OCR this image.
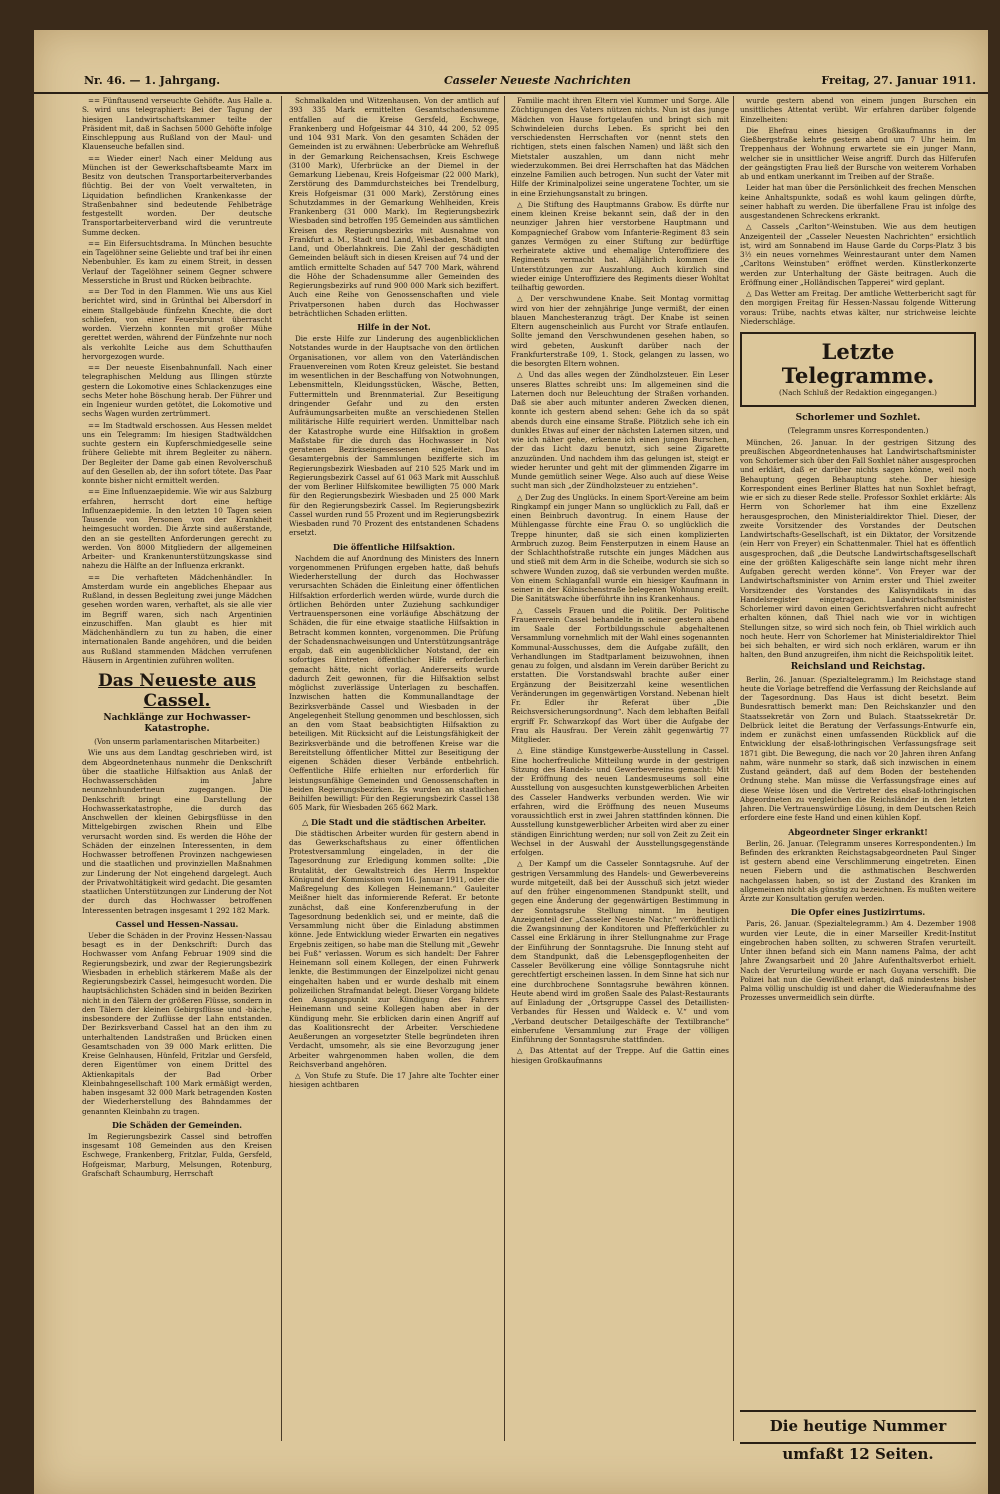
Nr. 46. — 1. Jahrgang.	Casseler Neueste Nachrichten	Freitag, 27. Januar 1911.

== Fünftausend verseuchte Gehöfte. Aus Halle a. S. wird uns telegraphiert: Bei der Tagung der hiesigen Landwirtschaftskammer teilte der Präsident mit, daß in Sachsen 5000 Gehöfte infolge Einschleppung aus Rußland von der Maul- und Klauenseuche befallen sind.

== Wieder einer! Nach einer Meldung aus München ist der Gewerkschaftsbeamte Marx im Besitz von deutschen Transportarbeiterverbandes flüchtig. Bei der von Voelt verwalteten, in Liquidation befindlichen Krankenkasse der Straßenbahner sind bedeutende Fehlbeträge festgestellt worden. Der deutsche Transportarbeiterverband wird die veruntreute Summe decken.

== Ein Eifersuchtsdrama. In München besuchte ein Tagelöhner seine Geliebte und traf bei ihr einen Nebenbuhler. Es kam zu einem Streit, in dessen Verlauf der Tagelöhner seinem Gegner schwere Messerstiche in Brust und Rücken beibrachte.

== Der Tod in den Flammen. Wie uns aus Kiel berichtet wird, sind in Grünthal bei Albersdorf in einem Stallgebäude fünfzehn Knechte, die dort schliefen, von einer Feuersbrunst überrascht worden. Vierzehn konnten mit großer Mühe gerettet werden, während der Fünfzehnte nur noch als verkohlte Leiche aus dem Schutthaufen hervorgezogen wurde.

== Der neueste Eisenbahnunfall. Nach einer telegraphischen Meldung aus Illingen stürzte gestern die Lokomotive eines Schlackenzuges eine sechs Meter hohe Böschung herab. Der Führer und ein Ingenieur wurden getötet, die Lokomotive und sechs Wagen wurden zertrümmert.

== Im Stadtwald erschossen. Aus Hessen meldet uns ein Telegramm: Im hiesigen Stadtwäldchen suchte gestern ein Kupferschmiedgeselle seine frühere Geliebte mit ihrem Begleiter zu nähern. Der Begleiter der Dame gab einen Revolverschuß auf den Gesellen ab, der ihn sofort tötete. Das Paar konnte bisher nicht ermittelt werden.

== Eine Influenzaepidemie. Wie wir aus Salzburg erfahren, herrscht dort eine heftige Influenzaepidemie. In den letzten 10 Tagen seien Tausende von Personen von der Krankheit heimgesucht worden. Die Ärzte sind außerstande, den an sie gestellten Anforderungen gerecht zu werden. Von 8000 Mitgliedern der allgemeinen Arbeiter- und Krankenunterstützungskasse sind nahezu die Hälfte an der Influenza erkrankt.

== Die verhafteten Mädchenhändler. In Amsterdam wurde ein angebliches Ehepaar aus Rußland, in dessen Begleitung zwei junge Mädchen gesehen worden waren, verhaftet, als sie alle vier im Begriff waren, sich nach Argentinien einzuschiffen. Man glaubt es hier mit Mädchenhändlern zu tun zu haben, die einer internationalen Bande angehören, und die beiden aus Rußland stammenden Mädchen verrufenen Häusern in Argentinien zuführen wollten.

Das Neueste aus Cassel.
Nachklänge zur Hochwasser-Katastrophe.
(Von unserm parlamentarischen Mitarbeiter.)

Wie uns aus dem Landtag geschrieben wird, ist dem Abgeordnetenhaus nunmehr die Denkschrift über die staatliche Hilfsaktion aus Anlaß der Hochwasserschäden im Jahre neunzehnhundertneun zugegangen. Die Denkschrift bringt eine Darstellung der Hochwasserkatastrophe, die durch das Anschwellen der kleinen Gebirgsflüsse in den Mittelgebirgen zwischen Rhein und Elbe verursacht worden sind. Es werden die Höhe der Schäden der einzelnen Interessenten, in dem Hochwasser betroffenen Provinzen nachgewiesen und die staatlichen und provinziellen Maßnahmen zur Linderung der Not eingehend dargelegt. Auch der Privatwohltätigkeit wird gedacht. Die gesamten staatlichen Unterstützungen zur Linderung der Not der durch das Hochwasser betroffenen Interessenten betragen insgesamt 1 292 182 Mark.

Cassel und Hessen-Nassau.

Ueber die Schäden in der Provinz Hessen-Nassau besagt es in der Denkschrift: Durch das Hochwasser vom Anfang Februar 1909 sind die Regierungsbezirk, und zwar der Regierungsbezirk Wiesbaden in erheblich stärkerem Maße als der Regierungsbezirk Cassel, heimgesucht worden. Die hauptsächlichsten Schäden sind in beiden Bezirken nicht in den Tälern der größeren Flüsse, sondern in den Tälern der kleinen Gebirgsflüsse und -bäche, insbesondere der Zuflüsse der Lahn entstanden. Der Bezirksverband Cassel hat an den ihm zu unterhaltenden Landstraßen und Brücken einen Gesamtschaden von 39 000 Mark erlitten. Die Kreise Gelnhausen, Hünfeld, Fritzlar und Gersfeld, deren Eigentümer von einem Drittel des Aktienkapitals der Bad Orber Kleinbahngesellschaft 100 Mark ermäßigt werden, haben insgesamt 32 000 Mark betragenden Kosten der Wiederherstellung des Bahndammes der genannten Kleinbahn zu tragen.

Die Schäden der Gemeinden.

Im Regierungsbezirk Cassel sind betroffen insgesamt 108 Gemeinden aus den Kreisen Eschwege, Frankenberg, Fritzlar, Fulda, Gersfeld, Hofgeismar, Marburg, Melsungen, Rotenburg, Grafschaft Schaumburg, Herrschaft

Schmalkalden und Witzenhausen. Von der amtlich auf 393 335 Mark ermittelten Gesamtschadensumme entfallen auf die Kreise Gersfeld, Eschwege, Frankenberg und Hofgeismar 44 310, 44 200, 52 095 und 104 931 Mark. Von den gesamten Schäden der Gemeinden ist zu erwähnen: Ueberbrücke am Wehrefluß in der Gemarkung Reichensachsen, Kreis Eschwege (3100 Mark), Uferbrücke an der Diemel in der Gemarkung Liebenau, Kreis Hofgeismar (22 000 Mark), Zerstörung des Dammdurchsteiches bei Trendelburg, Kreis Hofgeismar (31 000 Mark), Zerstörung eines Schutzdammes in der Gemarkung Wehlheiden, Kreis Frankenberg (31 000 Mark). Im Regierungsbezirk Wiesbaden sind betroffen 195 Gemeinden aus sämtlichen Kreisen des Regierungsbezirks mit Ausnahme von Frankfurt a. M., Stadt und Land, Wiesbaden, Stadt und Land, und Oberlahnkreis. Die Zahl der geschädigten Gemeinden beläuft sich in diesen Kreisen auf 74 und der amtlich ermittelte Schaden auf 547 700 Mark, während die Höhe der Schadensumme aller Gemeinden des Regierungsbezirks auf rund 900 000 Mark sich beziffert. Auch eine Reihe von Genossenschaften und viele Privatpersonen haben durch das Hochwasser beträchtlichen Schaden erlitten.

Hilfe in der Not.

Die erste Hilfe zur Linderung des augenblicklichen Notstandes wurde in der Hauptsache von den örtlichen Organisationen, vor allem von den Vaterländischen Frauenvereinen vom Roten Kreuz geleistet. Sie bestand im wesentlichen in der Beschaffung von Notwohnungen, Lebensmitteln, Kleidungsstücken, Wäsche, Betten, Futtermitteln und Brennmaterial. Zur Beseitigung dringender Gefahr und zu den ersten Aufräumungsarbeiten mußte an verschiedenen Stellen militärische Hilfe requiriert werden. Unmittelbar nach der Katastrophe wurde eine Hilfsaktion in großem Maßstabe für die durch das Hochwasser in Not geratenen Bezirkseingesessenen eingeleitet. Das Gesamtergebnis der Sammlungen bezifferte sich im Regierungsbezirk Wiesbaden auf 210 525 Mark und im Regierungsbezirk Cassel auf 61 063 Mark mit Ausschluß der vom Berliner Hilfskomitee bewilligten 75 000 Mark für den Regierungsbezirk Wiesbaden und 25 000 Mark für den Regierungsbezirk Cassel. Im Regierungsbezirk Cassel wurden rund 55 Prozent und im Regierungsbezirk Wiesbaden rund 70 Prozent des entstandenen Schadens ersetzt.

Die öffentliche Hilfsaktion.

Nachdem die auf Anordnung des Ministers des Innern vorgenommenen Prüfungen ergeben hatte, daß behufs Wiederherstellung der durch das Hochwasser verursachten Schäden die Einleitung einer öffentlichen Hilfsaktion erforderlich werden würde, wurde durch die örtlichen Behörden unter Zuziehung sachkundiger Vertrauenspersonen eine vorläufige Abschätzung der Schäden, die für eine etwaige staatliche Hilfsaktion in Betracht kommen konnten, vorgenommen. Die Prüfung der Schadensnachweisungen und Unterstützungsanträge ergab, daß ein augenblicklicher Notstand, der ein sofortiges Eintreten öffentlicher Hilfe erforderlich gemacht hätte, nicht vorlag. Andererseits wurde dadurch Zeit gewonnen, für die Hilfsaktion selbst möglichst zuverlässige Unterlagen zu beschaffen. Inzwischen hatten die Kommunallandtage der Bezirksverbände Cassel und Wiesbaden in der Angelegenheit Stellung genommen und beschlossen, sich an den vom Staat beabsichtigten Hilfsaktion zu beteiligen. Mit Rücksicht auf die Leistungsfähigkeit der Bezirksverbände und die betroffenen Kreise war die Bereitstellung öffentlicher Mittel zur Beseitigung der eigenen Schäden dieser Verbände entbehrlich. Oeffentliche Hilfe erhielten nur erforderlich für leistungsunfähige Gemeinden und Genossenschaften in beiden Regierungsbezirken. Es wurden an staatlichen Beihilfen bewilligt: Für den Regierungsbezirk Cassel 138 605 Mark, für Wiesbaden 265 662 Mark.

△ Die Stadt und die städtischen Arbeiter.

Die städtischen Arbeiter wurden für gestern abend in das Gewerkschaftshaus zu einer öffentlichen Protestversammlung eingeladen, in der die Tagesordnung zur Erledigung kommen sollte: „Die Brutalität, der Gewaltstreich des Herrn Inspektor Königund der Kommission vom 16. Januar 1911, oder die Maßregelung des Kollegen Heinemann.“ Gauleiter Meißner hielt das informierende Referat. Er betonte zunächst, daß eine Konferenzberufung in der Tagesordnung bedenklich sei, und er meinte, daß die Versammlung nicht über die Einladung abstimmen könne. Jede Entwicklung wieder Erwarten ein negatives Ergebnis zeitigen, so habe man die Stellung mit „Gewehr bei Fuß“ verlassen. Worum es sich handelt: Der Fahrer Heinemann soll einem Kollegen, der einen Fuhrwerk lenkte, die Bestimmungen der Einzelpolizei nicht genau eingehalten haben und er wurde deshalb mit einem polizeilichen Strafmandat belegt. Dieser Vorgang bildete den Ausgangspunkt zur Kündigung des Fahrers Heinemann und seine Kollegen haben aber in der Kündigung mehr. Sie erblicken darin einen Angriff auf das Koalitionsrecht der Arbeiter. Verschiedene Aeußerungen an vorgesetzter Stelle begründeten ihren Verdacht, umsomehr, als sie eine Bevorzugung jener Arbeiter wahrgenommen haben wollen, die dem Reichsverband angehören.

△ Von Stufe zu Stufe. Die 17 Jahre alte Tochter einer hiesigen achtbaren

Familie macht ihren Eltern viel Kummer und Sorge. Alle Züchtigungen des Vaters nützen nichts. Nun ist das junge Mädchen von Hause fortgelaufen und bringt sich mit Schwindeleien durchs Leben. Es spricht bei den verschiedensten Herrschaften vor (nennt stets den richtigen, stets einen falschen Namen) und läßt sich den Mietstaler auszahlen, um dann nicht mehr wiederzukommen. Bei drei Herrschaften hat das Mädchen einzelne Familien auch betrogen. Nun sucht der Vater mit Hilfe der Kriminalpolizei seine ungeratene Tochter, um sie in eine Erziehungsanstalt zu bringen.

△ Die Stiftung des Hauptmanns Grabow. Es dürfte nur einem kleinen Kreise bekannt sein, daß der in den neunziger Jahren hier verstorbene Hauptmann und Kompagniechef Grabow vom Infanterie-Regiment 83 sein ganzes Vermögen zu einer Stiftung zur bedürftige verheiratete aktive und ehemalige Unteroffiziere des Regiments vermacht hat. Alljährlich kommen die Unterstützungen zur Auszahlung. Auch kürzlich sind wieder einige Unteroffiziere des Regiments dieser Wohltat teilhaftig geworden.

△ Der verschwundene Knabe. Seit Montag vormittag wird von hier der zehnjährige Junge vermißt, der einen blauen Manchesteranzug trägt. Der Knabe ist seinen Eltern augenscheinlich aus Furcht vor Strafe entlaufen. Sollte jemand den Verschwundenen gesehen haben, so wird gebeten, Auskunft darüber nach der Frankfurterstraße 109, 1. Stock, gelangen zu lassen, wo die besorgten Eltern wohnen.

△ Und das alles wegen der Zündholzsteuer. Ein Leser unseres Blattes schreibt uns: Im allgemeinen sind die Laternen doch nur Beleuchtung der Straßen vorhanden. Daß sie aber auch mitunter anderen Zwecken dienen, konnte ich gestern abend sehen: Gehe ich da so spät abends durch eine einsame Straße. Plötzlich sehe ich ein dunkles Etwas auf einer der nächsten Laternen sitzen, und wie ich näher gehe, erkenne ich einen jungen Burschen, der das Licht dazu benutzt, sich seine Zigarette anzuzünden. Und nachdem ihm das gelungen ist, steigt er wieder herunter und geht mit der glimmenden Zigarre im Munde gemütlich seiner Wege. Also auch auf diese Weise sucht man sich „der Zündholzsteuer zu entziehen“.

△ Der Zug des Unglücks. In einem Sport-Vereine am beim Ringkampf ein junger Mann so unglücklich zu Fall, daß er einen Beinbruch davontrug. In einem Hause der Mühlengasse fürchte eine Frau O. so unglücklich die Treppe hinunter, daß sie sich einen komplizierten Armbruch zuzog. Beim Fensterputzen in einem Hause an der Schlachthofstraße rutschte ein junges Mädchen aus und stieß mit dem Arm in die Scheibe, wodurch sie sich so schwere Wunden zuzog, daß sie verbunden werden mußte. Von einem Schlaganfall wurde ein hiesiger Kaufmann in seiner in der Kölnischenstraße belegenen Wohnung ereilt. Die Sanitätswache überführte ihn ins Krankenhaus.

△ Cassels Frauen und die Politik. Der Politische Frauenverein Cassel behandelte in seiner gestern abend im Saale der Fortbildungsschule abgehaltenen Versammlung vornehmlich mit der Wahl eines sogenannten Kommunal-Ausschusses, dem die Aufgabe zufällt, den Verhandlungen im Stadtparlament beizuwohnen, ihnen genau zu folgen, und alsdann im Verein darüber Bericht zu erstatten. Die Vorstandswahl brachte außer einer Ergänzung der Beisitzerzahl keine wesentlichen Veränderungen im gegenwärtigen Vorstand. Nebenan hielt Fr. Edler ihr Referat über „Die Reichsversicherungsordnung“. Nach dem lebhaften Beifall ergriff Fr. Schwarzkopf das Wort über die Aufgabe der Frau als Hausfrau. Der Verein zählt gegenwärtig 77 Mitglieder.

△ Eine ständige Kunstgewerbe-Ausstellung in Cassel. Eine hocherfreuliche Mitteilung wurde in der gestrigen Sitzung des Handels- und Gewerbevereins gemacht: Mit der Eröffnung des neuen Landesmuseums soll eine Ausstellung von ausgesuchten kunstgewerblichen Arbeiten des Casseler Handwerks verbunden werden. Wie wir erfahren, wird die Eröffnung des neuen Museums voraussichtlich erst in zwei Jahren stattfinden können. Die Ausstellung kunstgewerblicher Arbeiten wird aber zu einer ständigen Einrichtung werden; nur soll von Zeit zu Zeit ein Wechsel in der Auswahl der Ausstellungsgegenstände erfolgen.

△ Der Kampf um die Casseler Sonntagsruhe. Auf der gestrigen Versammlung des Handels- und Gewerbevereins wurde mitgeteilt, daß bei der Ausschuß sich jetzt wieder auf den früher eingenommenen Standpunkt stellt, und gegen eine Änderung der gegenwärtigen Bestimmung in der Sonntagsruhe Stellung nimmt. Im heutigen Anzeigenteil der „Casseler Neueste Nachr.“ veröffentlicht die Zwangsinnung der Konditoren und Pfefferküchler zu Cassel eine Erklärung in ihrer Stellungnahme zur Frage der Einführung der Sonntagsruhe. Die Innung steht auf dem Standpunkt, daß die Lebensgepflogenheiten der Casseler Bevölkerung eine völlige Sonntagsruhe nicht gerechtfertigt erscheinen lassen. In dem Sinne hat sich nur eine durchbrochene Sonntagsruhe bewähren können. Heute abend wird im großen Saale des Palast-Restaurants auf Einladung der „Ortsgruppe Cassel des Detaillisten-Verbandes für Hessen und Waldeck e. V.“ und vom „Verband deutscher Detailgeschäfte der Textilbranche“ einberufene Versammlung zur Frage der völligen Einführung der Sonntagsruhe stattfinden.

△ Das Attentat auf der Treppe. Auf die Gattin eines hiesigen Großkaufmanns

wurde gestern abend von einem jungen Burschen ein unsittliches Attentat verübt. Wir erfahren darüber folgende Einzelheiten:

Die Ehefrau eines hiesigen Großkaufmanns in der Gießbergstraße kehrte gestern abend um 7 Uhr heim. Im Treppenhaus der Wohnung erwartete sie ein junger Mann, welcher sie in unsittlicher Weise angriff. Durch das Hilferufen der geängstigten Frau ließ der Bursche von weiterem Vorhaben ab und entkam unerkannt im Treiben auf der Straße.

Leider hat man über die Persönlichkeit des frechen Menschen keine Anhaltspunkte, sodaß es wohl kaum gelingen dürfte, seiner habhaft zu werden. Die überfallene Frau ist infolge des ausgestandenen Schreckens erkrankt.

△ Cassels „Carlton“-Weinstuben. Wie aus dem heutigen Anzeigenteil der „Casseler Neuesten Nachrichten“ ersichtlich ist, wird am Sonnabend im Hause Garde du Corps-Platz 3 bis 3½ ein neues vornehmes Weinrestaurant unter dem Namen „Carltons Weinstuben“ eröffnet werden. Künstlerkonzerte werden zur Unterhaltung der Gäste beitragen. Auch die Eröffnung einer „Holländischen Tapperei“ wird geplant.

△ Das Wetter am Freitag. Der amtliche Wetterbericht sagt für den morgigen Freitag für Hessen-Nassau folgende Witterung voraus: Trübe, nachts etwas kälter, nur strichweise leichte Niederschläge.

Letzte Telegramme.
(Nach Schluß der Redaktion eingegangen.)
Schorlemer und Sozhlet.
(Telegramm unsres Korrespondenten.)

München, 26. Januar. In der gestrigen Sitzung des preußischen Abgeordnetenhauses hat Landwirtschaftsminister von Schorlemer sich über den Fall Soxhlet näher ausgesprochen und erklärt, daß er darüber nichts sagen könne, weil noch Behauptung gegen Behauptung stehe. Der hiesige Korrespondent eines Berliner Blattes hat nun Soxhlet befragt, wie er sich zu dieser Rede stelle. Professor Soxhlet erklärte: Als Herrn von Schorlemer hat ihm eine Exzellenz herausgesprochen, den Ministerialdirektor Thiel. Dieser, der zweite Vorsitzender des Vorstandes der Deutschen Landwirtschafts-Gesellschaft, ist ein Diktator, der Vorsitzende (ein Herr von Freyer) ein Schattenmaler. Thiel hat es öffentlich ausgesprochen, daß „die Deutsche Landwirtschaftsgesellschaft eine der größten Kaligeschäfte sein lange nicht mehr ihren Aufgaben gerecht werden könne“. Von Freyer war der Landwirtschaftsminister von Arnim erster und Thiel zweiter Vorsitzender des Vorstandes des Kalisyndikats in das Handelsregister eingetragen. Landwirtschaftsminister Schorlemer wird davon einen Gerichtsverfahren nicht aufrecht erhalten können, daß Thiel nach wie vor in wichtigen Stellungen sitze, so wird sich noch fein, ob Thiel wirklich auch noch heute. Herr von Schorlemer hat Ministerialdirektor Thiel bei sich behalten, er wird sich noch erklären, warum er ihn halten, den Bund anzugreifen, ihm nicht die Reichspolitik leitet.

Reichsland und Reichstag.

Berlin, 26. Januar. (Spezialtelegramm.) Im Reichstage stand heute die Vorlage betreffend die Verfassung der Reichslande auf der Tagesordnung. Das Haus ist dicht besetzt. Beim Bundesrattisch bemerkt man: Den Reichskanzler und den Staatssekretär von Zorn und Bulach. Staatssekretär Dr. Delbrück leitet die Beratung der Verfassungs-Entwurfe ein, indem er zunächst einen umfassenden Rückblick auf die Entwicklung der elsaß-lothringischen Verfassungsfrage seit 1871 gibt. Die Bewegung, die nach vor 20 Jahren ihren Anfang nahm, wäre nunmehr so stark, daß sich inzwischen in einem Zustand geändert, daß auf dem Boden der bestehenden Ordnung stehe. Man müsse die Verfassungsfrage eines auf diese Weise lösen und die Vertreter des elsaß-lothringischen Abgeordneten zu vergleichen die Reichsländer in den letzten Jahren. Die Vertrauenswürdige Lösung, in dem Deutschen Reich erfordere eine feste Hand und einen kühlen Kopf.

Abgeordneter Singer erkrankt!

Berlin, 26. Januar. (Telegramm unseres Korrespondenten.) Im Befinden des erkrankten Reichstagsabgeordneten Paul Singer ist gestern abend eine Verschlimmerung eingetreten. Einen neuen Fiebern und die asthmatischen Beschwerden nachgelassen haben, so ist der Zustand des Kranken im allgemeinen nicht als günstig zu bezeichnen. Es mußten weitere Ärzte zur Konsultation gerufen werden.

Die Opfer eines Justizirrtums.

Paris, 26. Januar. (Spezialtelegramm.) Am 4. Dezember 1908 wurden vier Leute, die in einer Marseiller Kredit-Institut eingebrochen haben sollten, zu schweren Strafen verurteilt. Unter ihnen befand sich ein Mann namens Palma, der acht Jahre Zwangsarbeit und 20 Jahre Aufenthaltsverbot erhielt. Nach der Verurteilung wurde er nach Guyana verschifft. Die Polizei hat nun die Gewißheit erlangt, daß mindestens bisher Palma völlig unschuldig ist und daher die Wiederaufnahme des Prozesses unvermeidlich sein dürfte.

Die heutige Nummer umfaßt 12 Seiten.
